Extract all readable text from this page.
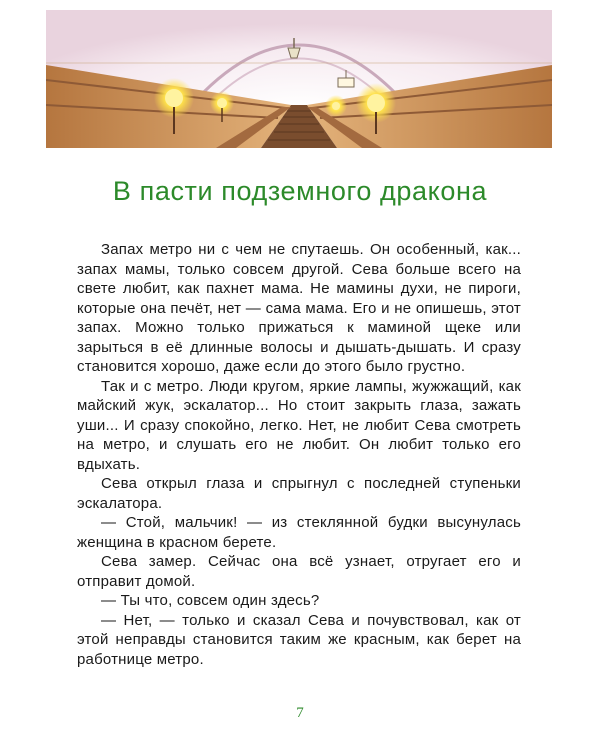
В пасти подземного дракона

Запах метро ни с чем не спутаешь. Он особенный, как... запах мамы, только совсем другой. Сева больше всего на свете любит, как пахнет мама. Не мамины духи, не пироги, которые она печёт, нет — сама мама. Его и не опишешь, этот запах. Можно только прижаться к маминой щеке или зарыться в её длинные волосы и дышать-дышать. И сразу становится хорошо, даже если до этого было грустно.

Так и с метро. Люди кругом, яркие лампы, жужжащий, как майский жук, эскалатор... Но стоит закрыть глаза, зажать уши... И сразу спокойно, легко. Нет, не любит Сева смотреть на метро, и слушать его не любит. Он любит только его вдыхать.

Сева открыл глаза и спрыгнул с последней ступеньки эскалатора.

— Стой, мальчик! — из стеклянной будки высунулась женщина в красном берете.

Сева замер. Сейчас она всё узнает, отругает его и отправит домой.

— Ты что, совсем один здесь?

— Нет, — только и сказал Сева и почувствовал, как от этой неправды становится таким же красным, как берет на работнице метро.

7
